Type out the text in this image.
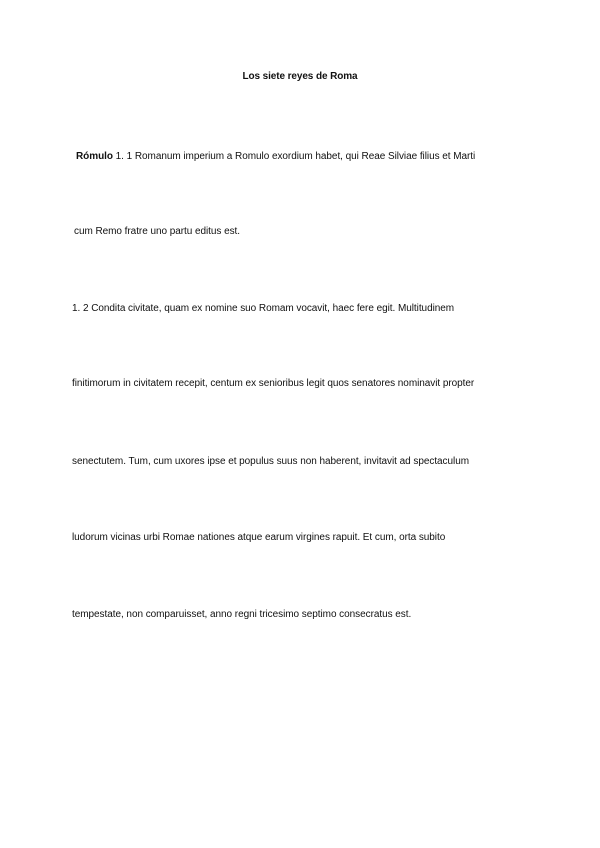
Los siete reyes de Roma
Rómulo 1. 1 Romanum imperium a Romulo exordium habet, qui Reae Silviae filius et Marti
cum Remo fratre uno partu editus est.
1. 2 Condita civitate, quam ex nomine suo Romam vocavit, haec fere egit. Multitudinem
finitimorum in civitatem recepit, centum ex senioribus legit quos senatores nominavit propter
senectutem. Tum, cum uxores ipse et populus suus non haberent, invitavit ad spectaculum
ludorum vicinas urbi Romae nationes atque earum virgines rapuit. Et cum, orta subito
tempestate, non comparuisset, anno regni tricesimo septimo consecratus est.
